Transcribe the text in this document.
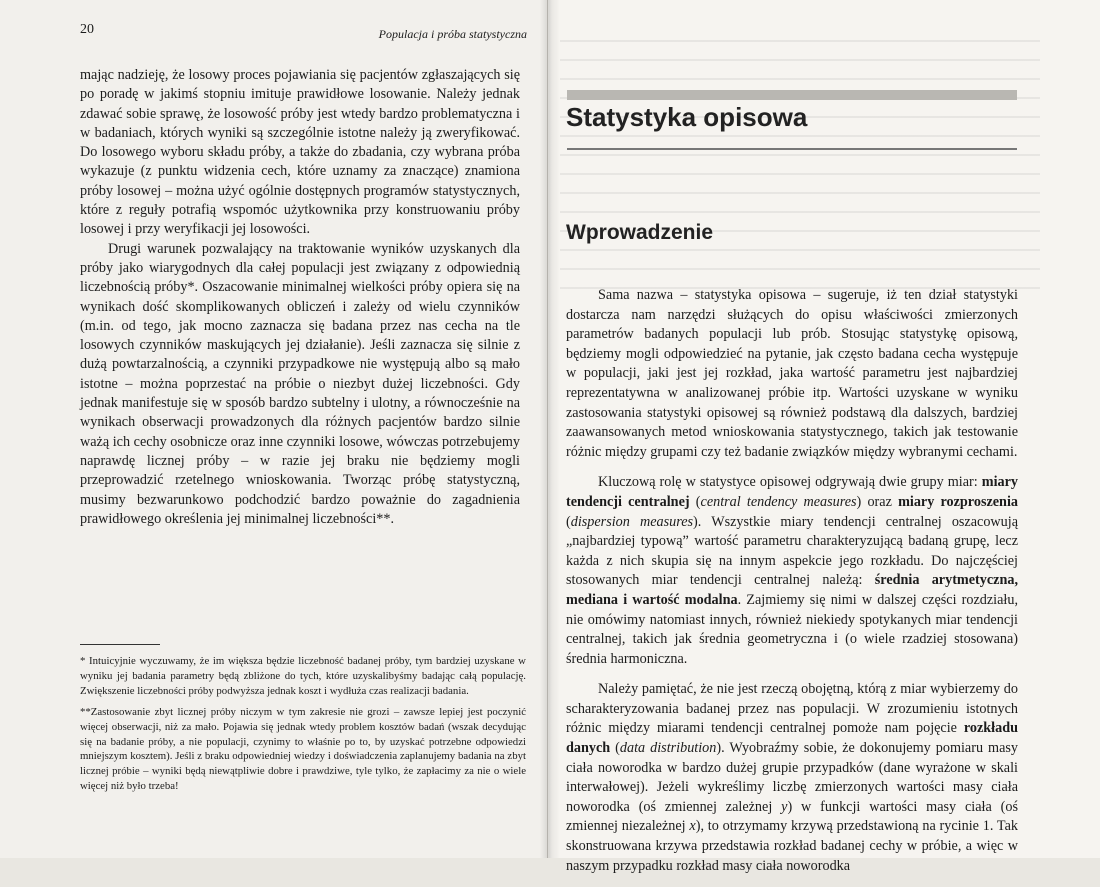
20	Populacja i próba statystyczna

mając nadzieję, że losowy proces pojawiania się pacjentów zgłaszających się po poradę w jakimś stopniu imituje prawidłowe losowanie. Należy jednak zdawać sobie sprawę, że losowość próby jest wtedy bardzo problematyczna i w badaniach, których wyniki są szczególnie istotne należy ją zweryfikować. Do losowego wyboru składu próby, a także do zbadania, czy wybrana próba wykazuje (z punktu widzenia cech, które uznamy za znaczące) znamiona próby losowej – można użyć ogólnie dostępnych programów statystycznych, które z reguły potrafią wspomóc użytkownika przy konstruowaniu próby losowej i przy weryfikacji jej losowości.

Drugi warunek pozwalający na traktowanie wyników uzyskanych dla próby jako wiarygodnych dla całej populacji jest związany z odpowiednią liczebnością próby*. Oszacowanie minimalnej wielkości próby opiera się na wynikach dość skomplikowanych obliczeń i zależy od wielu czynników (m.in. od tego, jak mocno zaznacza się badana przez nas cecha na tle losowych czynników maskujących jej działanie). Jeśli zaznacza się silnie z dużą powtarzalnością, a czynniki przypadkowe nie występują albo są mało istotne – można poprzestać na próbie o niezbyt dużej liczebności. Gdy jednak manifestuje się w sposób bardzo subtelny i ulotny, a równocześnie na wynikach obserwacji prowadzonych dla różnych pacjentów bardzo silnie ważą ich cechy osobnicze oraz inne czynniki losowe, wówczas potrzebujemy naprawdę licznej próby – w razie jej braku nie będziemy mogli przeprowadzić rzetelnego wnioskowania. Tworząc próbę statystyczną, musimy bezwarunkowo podchodzić bardzo poważnie do zagadnienia prawidłowego określenia jej minimalnej liczebności**.

* Intuicyjnie wyczuwamy, że im większa będzie liczebność badanej próby, tym bardziej uzyskane w wyniku jej badania parametry będą zbliżone do tych, które uzyskalibyśmy badając całą populację. Zwiększenie liczebności próby podwyższa jednak koszt i wydłuża czas realizacji badania.

**Zastosowanie zbyt licznej próby niczym w tym zakresie nie grozi – zawsze lepiej jest poczynić więcej obserwacji, niż za mało. Pojawia się jednak wtedy problem kosztów badań (wszak decydując się na badanie próby, a nie populacji, czynimy to właśnie po to, by uzyskać potrzebne odpowiedzi mniejszym kosztem). Jeśli z braku odpowiedniej wiedzy i doświadczenia zaplanujemy badania na zbyt licznej próbie – wyniki będą niewątpliwie dobre i prawdziwe, tyle tylko, że zapłacimy za nie o wiele więcej niż było trzeba!

Statystyka opisowa
Wprowadzenie

Sama nazwa – statystyka opisowa – sugeruje, iż ten dział statystyki dostarcza nam narzędzi służących do opisu właściwości zmierzonych parametrów badanych populacji lub prób. Stosując statystykę opisową, będziemy mogli odpowiedzieć na pytanie, jak często badana cecha występuje w populacji, jaki jest jej rozkład, jaka wartość parametru jest najbardziej reprezentatywna w analizowanej próbie itp. Wartości uzyskane w wyniku zastosowania statystyki opisowej są również podstawą dla dalszych, bardziej zaawansowanych metod wnioskowania statystycznego, takich jak testowanie różnic między grupami czy też badanie związków między wybranymi cechami.

Kluczową rolę w statystyce opisowej odgrywają dwie grupy miar: miary tendencji centralnej (central tendency measures) oraz miary rozproszenia (dispersion measures). Wszystkie miary tendencji centralnej oszacowują „najbardziej typową” wartość parametru charakteryzującą badaną grupę, lecz każda z nich skupia się na innym aspekcie jego rozkładu. Do najczęściej stosowanych miar tendencji centralnej należą: średnia arytmetyczna, mediana i wartość modalna. Zajmiemy się nimi w dalszej części rozdziału, nie omówimy natomiast innych, również niekiedy spotykanych miar tendencji centralnej, takich jak średnia geometryczna i (o wiele rzadziej stosowana) średnia harmoniczna.

Należy pamiętać, że nie jest rzeczą obojętną, którą z miar wybierzemy do scharakteryzowania badanej przez nas populacji. W zrozumieniu istotnych różnic między miarami tendencji centralnej pomoże nam pojęcie rozkładu danych (data distribution). Wyobraźmy sobie, że dokonujemy pomiaru masy ciała noworodka w bardzo dużej grupie przypadków (dane wyrażone w skali interwałowej). Jeżeli wykreślimy liczbę zmierzonych wartości masy ciała noworodka (oś zmiennej zależnej y) w funkcji wartości masy ciała (oś zmiennej niezależnej x), to otrzymamy krzywą przedstawioną na rycinie 1. Tak skonstruowana krzywa przedstawia rozkład badanej cechy w próbie, a więc w naszym przypadku rozkład masy ciała noworodka
